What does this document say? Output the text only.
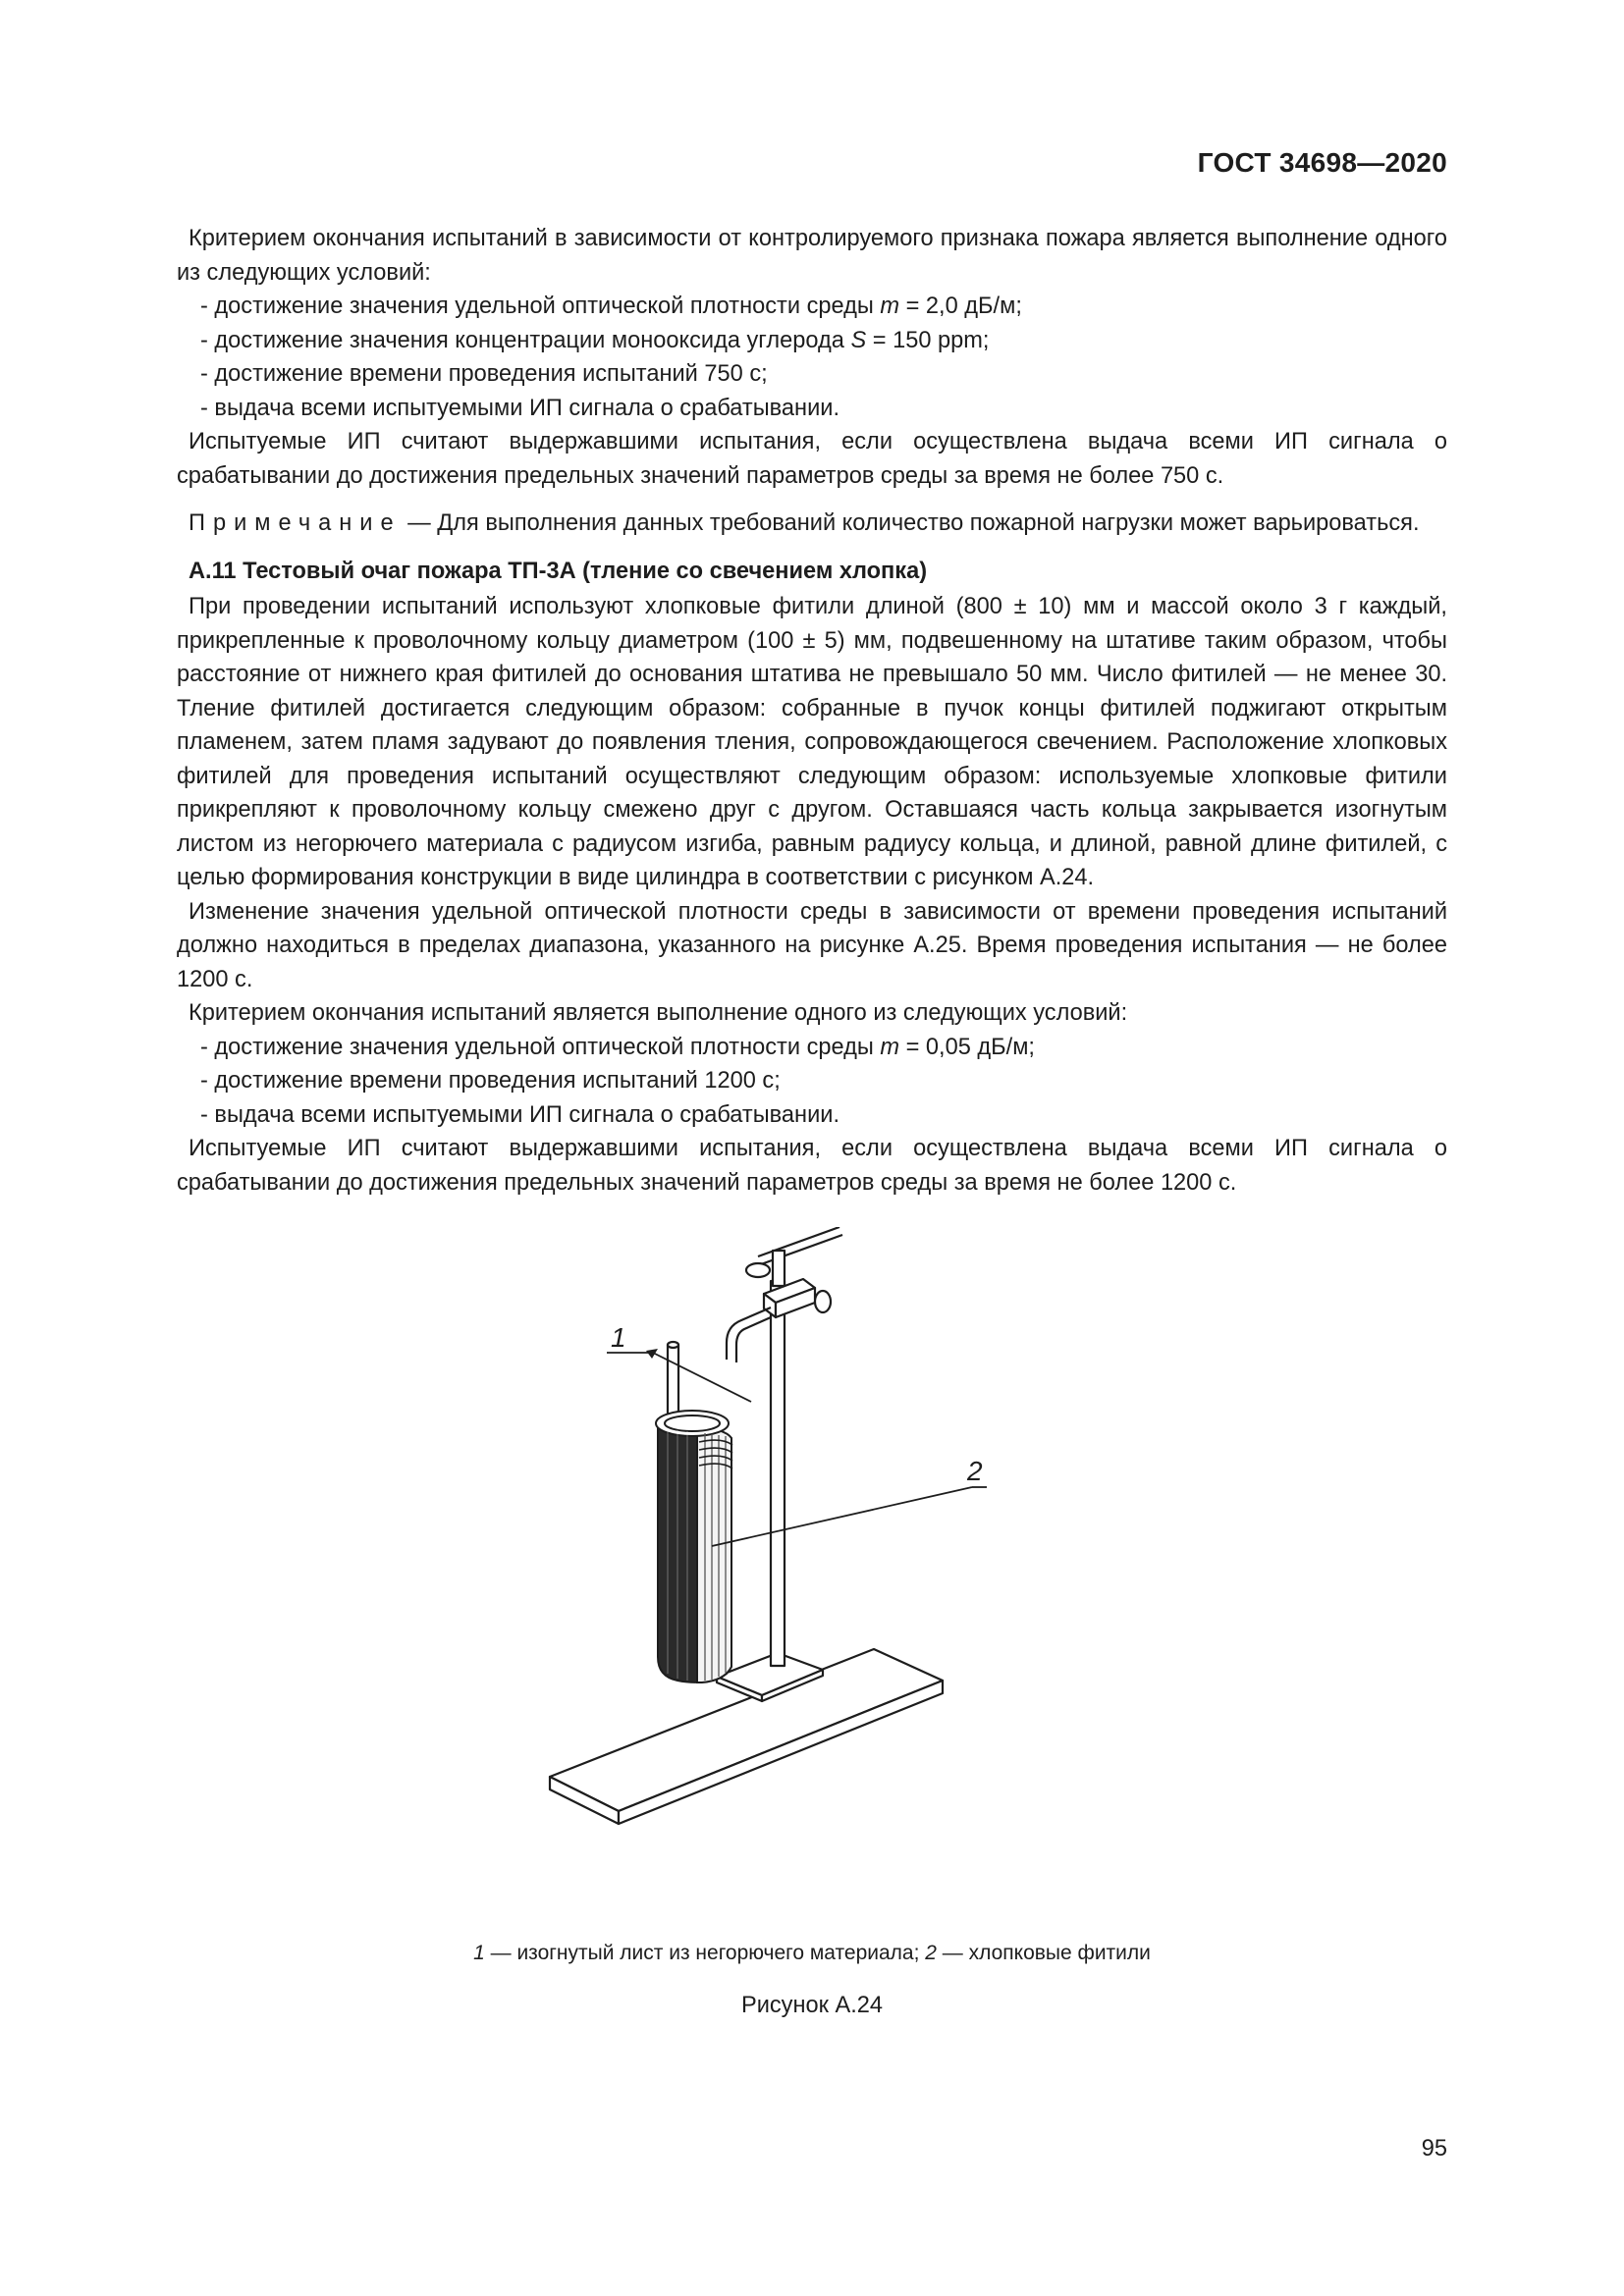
ГОСТ 34698—2020

Критерием окончания испытаний в зависимости от контролируемого признака пожара является выполнение одного из следующих условий:

- достижение значения удельной оптической плотности среды m = 2,0 дБ/м;

- достижение значения концентрации монооксида углерода S = 150 ppm;

- достижение времени проведения испытаний 750 с;

- выдача всеми испытуемыми ИП сигнала о срабатывании.

Испытуемые ИП считают выдержавшими испытания, если осуществлена выдача всеми ИП сигнала о срабатывании до достижения предельных значений параметров среды за время не более 750 с.

Примечание — Для выполнения данных требований количество пожарной нагрузки может варьироваться.

А.11 Тестовый очаг пожара ТП-3А (тление со свечением хлопка)

При проведении испытаний используют хлопковые фитили длиной (800 ± 10) мм и массой около 3 г каждый, прикрепленные к проволочному кольцу диаметром (100 ± 5) мм, подвешенному на штативе таким образом, чтобы расстояние от нижнего края фитилей до основания штатива не превышало 50 мм. Число фитилей — не менее 30. Тление фитилей достигается следующим образом: собранные в пучок концы фитилей поджигают открытым пламенем, затем пламя задувают до появления тления, сопровождающегося свечением. Расположение хлопковых фитилей для проведения испытаний осуществляют следующим образом: используемые хлопковые фитили прикрепляют к проволочному кольцу смежено друг с другом. Оставшаяся часть кольца закрывается изогнутым листом из негорючего материала с радиусом изгиба, равным радиусу кольца, и длиной, равной длине фитилей, с целью формирования конструкции в виде цилиндра в соответствии с рисунком А.24.

Изменение значения удельной оптической плотности среды в зависимости от времени проведения испытаний должно находиться в пределах диапазона, указанного на рисунке А.25. Время проведения испытания — не более 1200 с.

Критерием окончания испытаний является выполнение одного из следующих условий:

- достижение значения удельной оптической плотности среды m = 0,05 дБ/м;

- достижение времени проведения испытаний 1200 с;

- выдача всеми испытуемыми ИП сигнала о срабатывании.

Испытуемые ИП считают выдержавшими испытания, если осуществлена выдача всеми ИП сигнала о срабатывании до достижения предельных значений параметров среды за время не более 1200 с.

1
2
1 — изогнутый лист из негорючего материала; 2 — хлопковые фитили
Рисунок А.24
95
